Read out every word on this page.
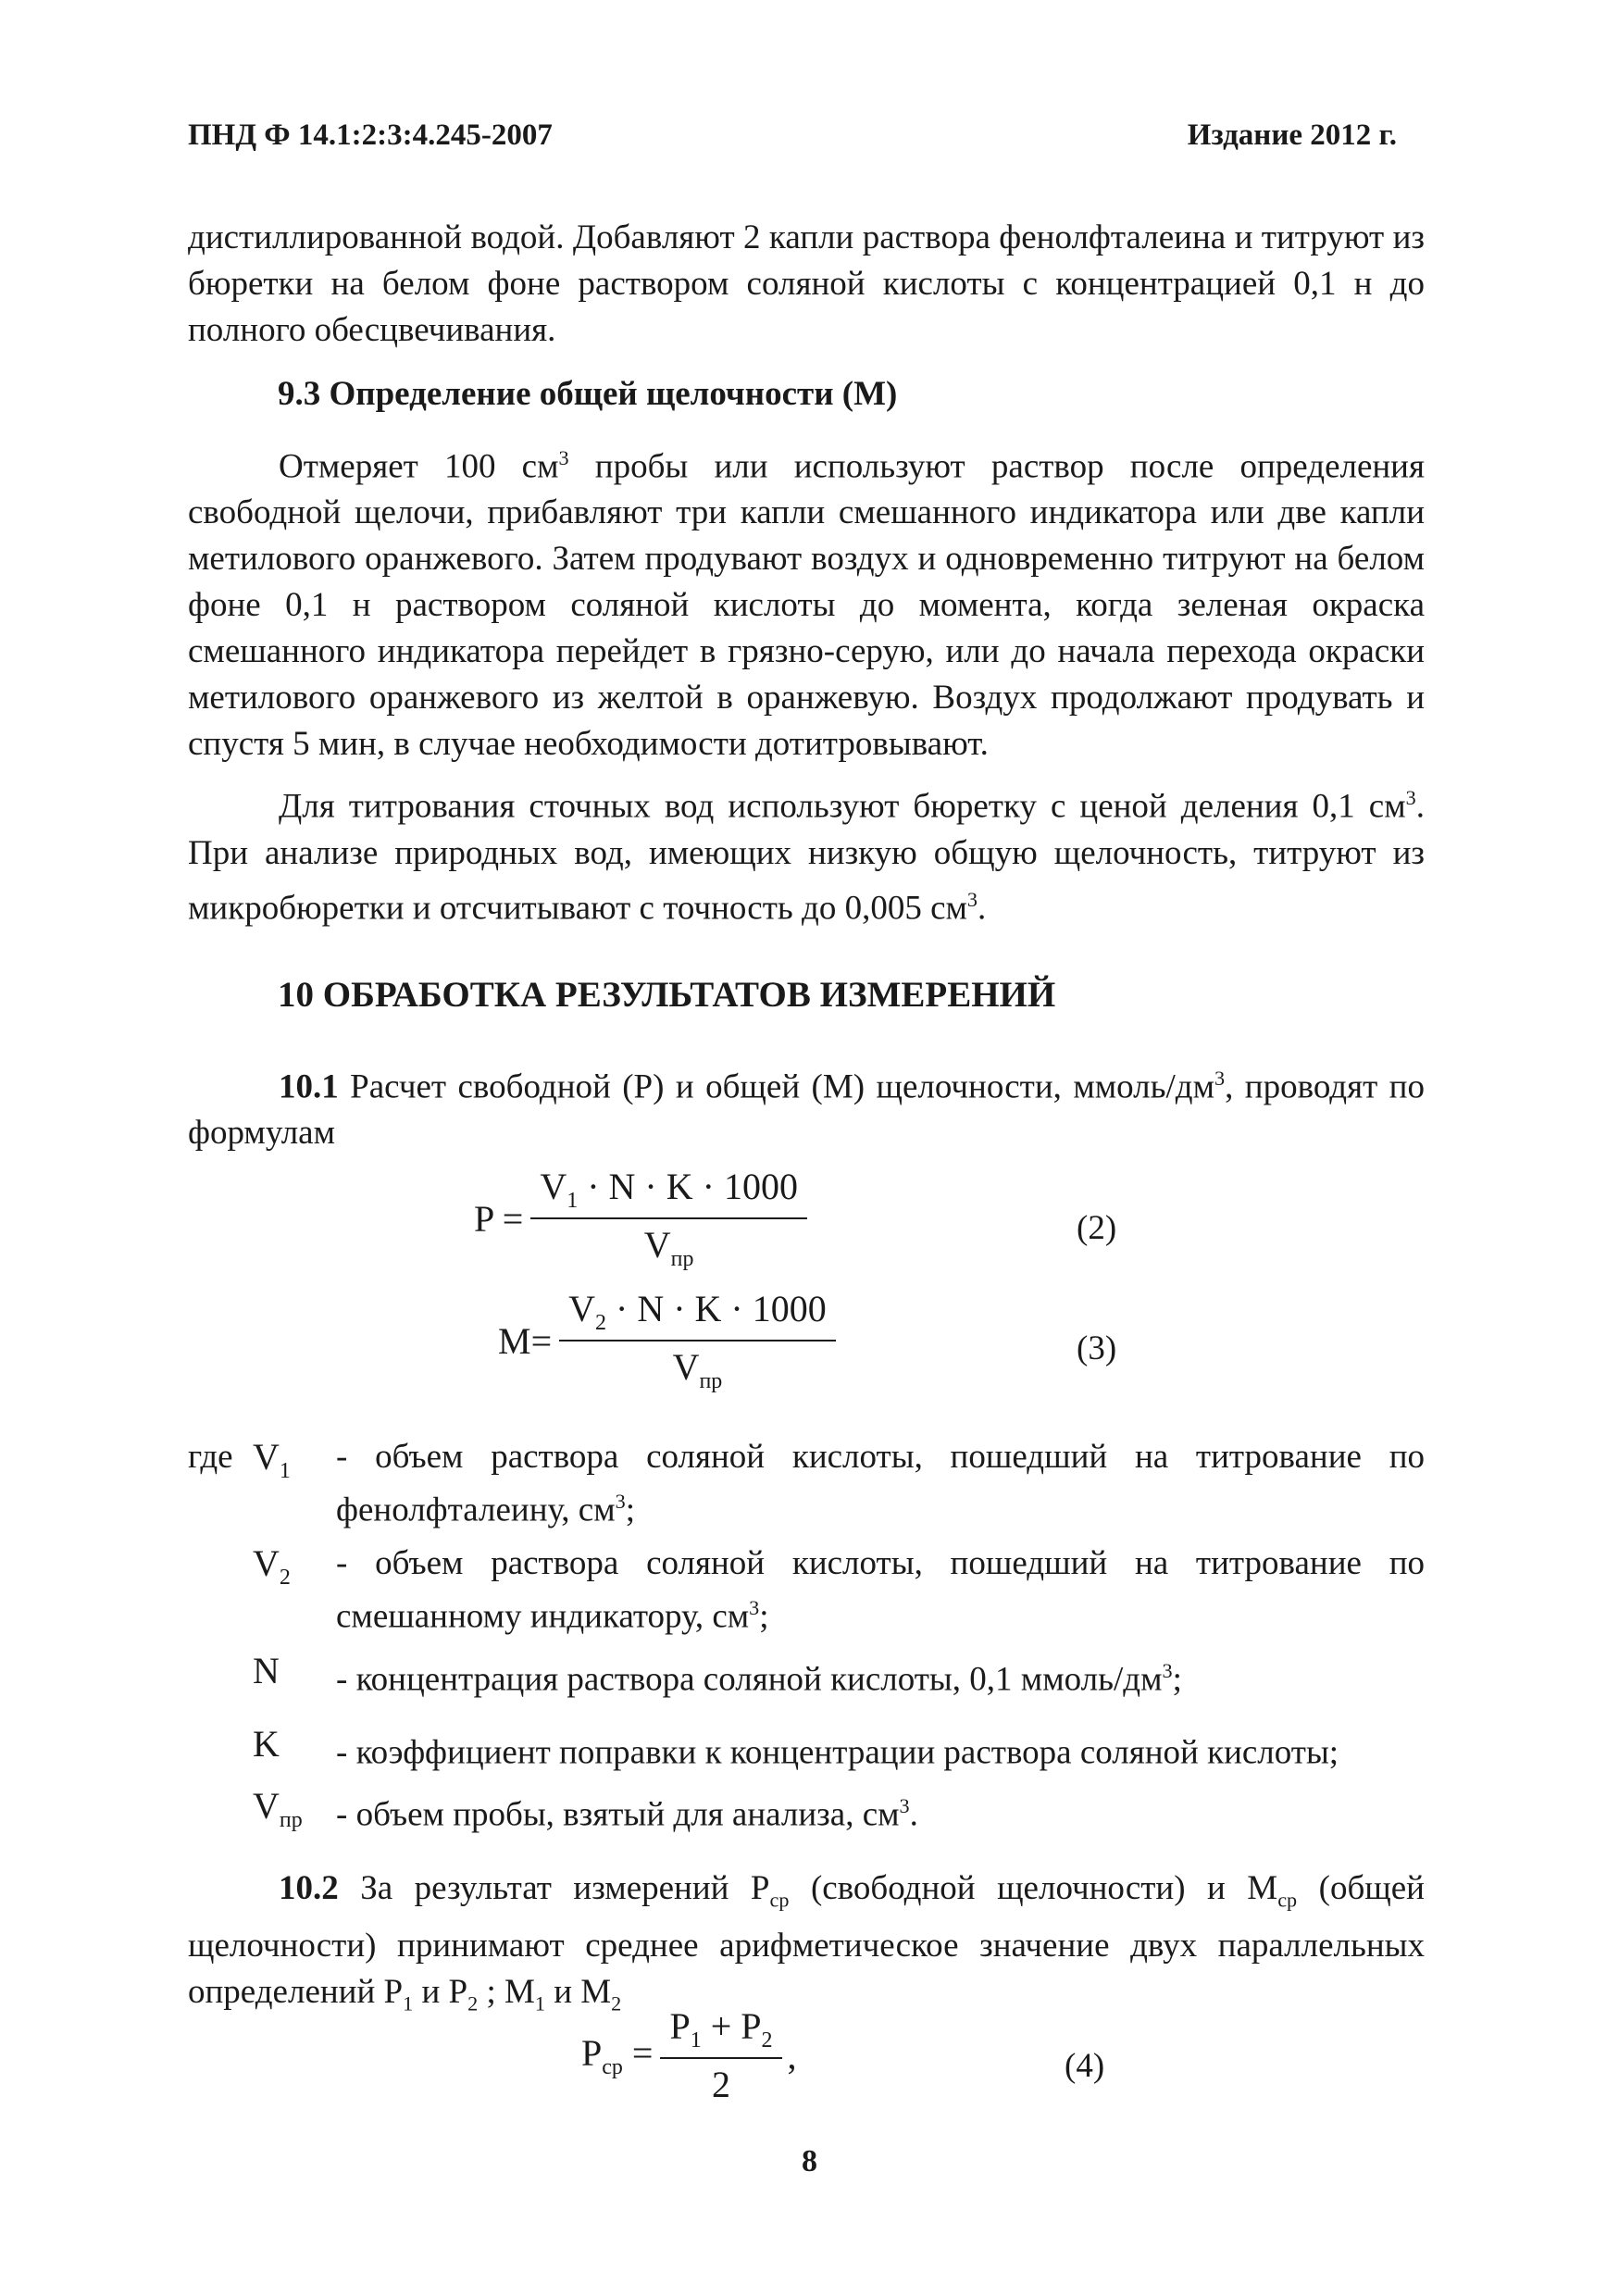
ПНД Ф 14.1:2:3:4.245-2007	Издание 2012 г.

дистиллированной водой. Добавляют 2 капли раствора фенолфталеина и титруют из бюретки на белом фоне раствором соляной кислоты с концентрацией 0,1 н до полного обесцвечивания.

9.3 Определение общей щелочности (М)

Отмеряет 100 $см^3$ пробы или используют раствор после определения свободной щелочи, прибавляют три капли смешанного индикатора или две капли метилового оранжевого. Затем продувают воздух и одновременно титруют на белом фоне 0,1 н раствором соляной кислоты до момента, когда зеленая окраска смешанного индикатора перейдет в грязно-серую, или до начала перехода окраски метилового оранжевого из желтой в оранжевую. Воздух продолжают продувать и спустя 5 мин, в случае необходимости дотитровывают.

Для титрования сточных вод используют бюретку с ценой деления 0,1 $см^3$. При анализе природных вод, имеющих низкую общую щелочность, титруют из микробюретки и отсчитывают с точность до 0,005 $см^3$.

10 ОБРАБОТКА РЕЗУЛЬТАТОВ ИЗМЕРЕНИЙ

10.1 Расчет свободной (Р) и общей (М) щелочности, ммоль/$дм^3$, проводят по формулам

$P = \frac{V_1 \cdot N \cdot K \cdot 1000}{V_{пр}}$	(2)
$M= \frac{V_2 \cdot N \cdot K \cdot 1000}{V_{пр}}$	(3)
где $V_1$ - объем раствора соляной кислоты, пошедший на титрование по фенолфталеину, $см^3$;
$V_2$ - объем раствора соляной кислоты, пошедший на титрование по смешанному индикатору, $см^3$;
N - концентрация раствора соляной кислоты, 0,1 ммоль/$дм^3$;
K - коэффициент поправки к концентрации раствора соляной кислоты;
$V_{пр}$ - объем пробы, взятый для анализа, $см^3$.

10.2 За результат измерений $Р_{ср}$ (свободной щелочности) и $М_{ср}$ (общей щелочности) принимают среднее арифметическое значение двух параллельных определений $Р_1$ и $Р_2$ ; $М_1$ и $М_2$

$P_{ср} = \frac{P_1 + P_2}{2}$ ,	(4)
8
